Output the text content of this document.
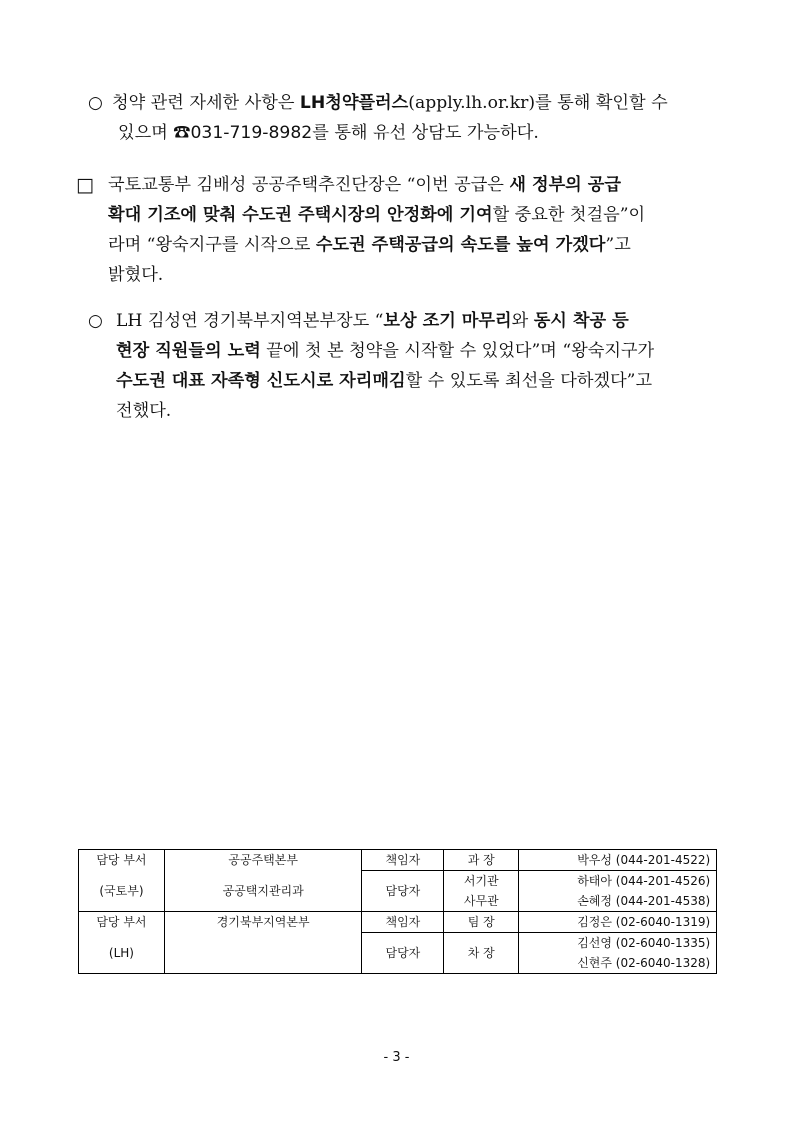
○ 청약 관련 자세한 사항은 LH청약플러스(apply.lh.or.kr)를 통해 확인할 수
있으며 ☎031-719-8982를 통해 유선 상담도 가능하다.
□ 국토교통부 김배성 공공주택추진단장은 “이번 공급은 새 정부의 공급
확대 기조에 맞춰 수도권 주택시장의 안정화에 기여할 중요한 첫걸음”이
라며 “왕숙지구를 시작으로 수도권 주택공급의 속도를 높여 가겠다”고
밝혔다.
○ LH 김성연 경기북부지역본부장도 “보상 조기 마무리와 동시 착공 등
현장 직원들의 노력 끝에 첫 본 청약을 시작할 수 있었다”며 “왕숙지구가
수도권 대표 자족형 신도시로 자리매김할 수 있도록 최선을 다하겠다”고
전했다.
담당 부서	공공주택본부	책임자	과 장	박우성 (044-201-4522)
(국토부)	공공택지관리과	담당자	서기관	하태아 (044-201-4526)
			사무관	손혜정 (044-201-4538)
담당 부서	경기북부지역본부	책임자	팀 장	김정은 (02-6040-1319)
(LH)		담당자	차 장	김선영 (02-6040-1335)
				신현주 (02-6040-1328)
- 3 -
